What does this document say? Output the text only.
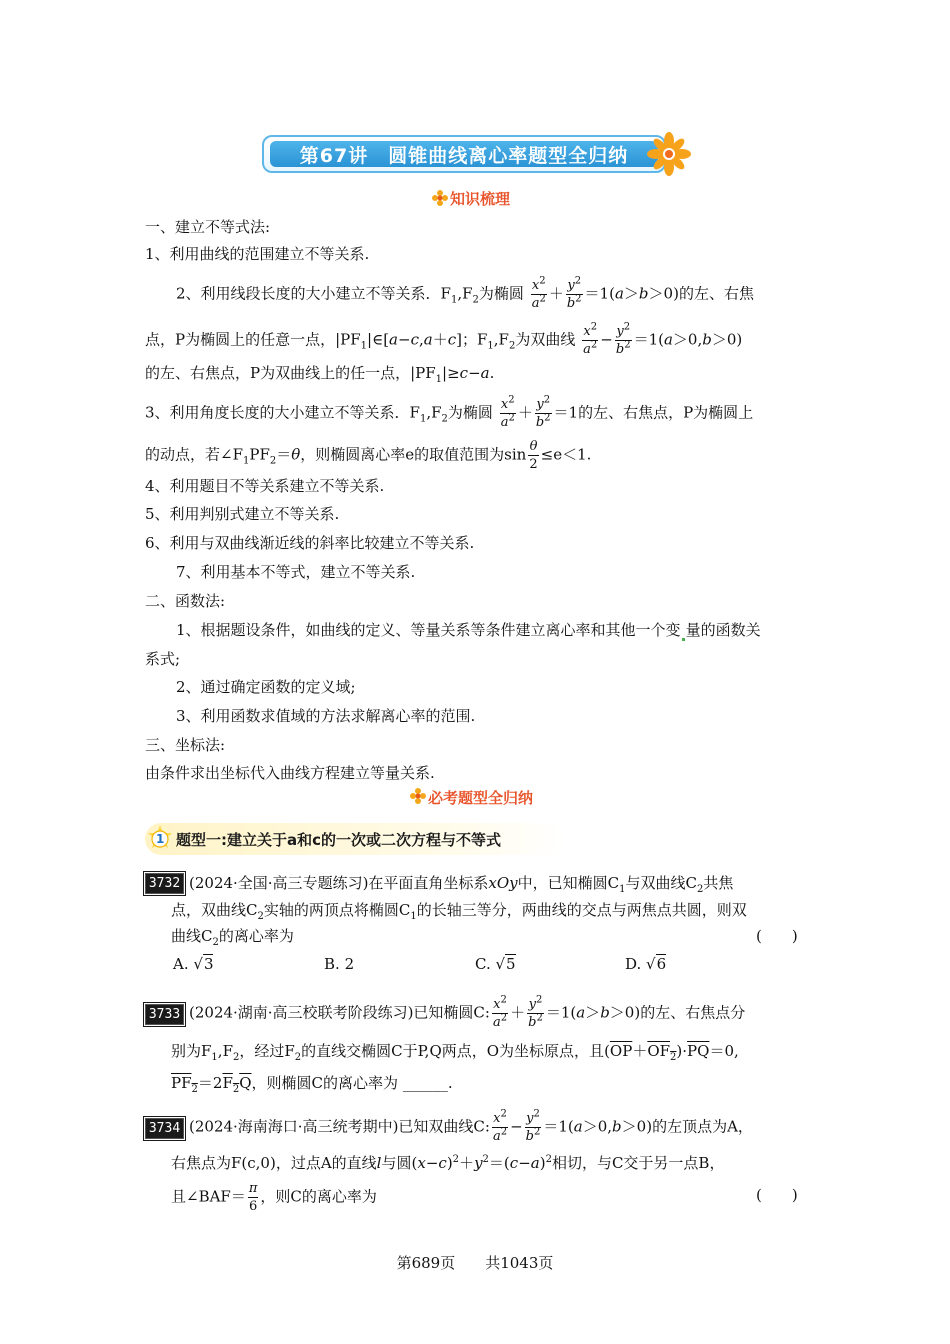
第67讲　圆锥曲线离心率题型全归纳
知识梳理
一、建立不等式法:
1、利用曲线的范围建立不等关系.
2、利用线段长度的大小建立不等关系．$F_1,F_2$为椭圆 $\frac{x^2}{a^2} + \frac{y^2}{b^2} =1(a>b>0)$的左、右焦
点，P为椭圆上的任意一点，$|PF_1|\in[a-c,a+c]$；$F_1,F_2$为双曲线 $\frac{x^2}{a^2} - \frac{y^2}{b^2} =1(a>0,b>0)$
的左、右焦点，P为双曲线上的任一点，$|PF_1|\ge c-a$.
3、利用角度长度的大小建立不等关系．$F_1,F_2$为椭圆 $\frac{x^2}{a^2} + \frac{y^2}{b^2} =1$的左、右焦点，P为椭圆上
的动点，若$\angle F_1PF_2=\theta$，则椭圆离心率e的取值范围为$\sin \frac{\theta}{2} \le e<1$.
4、利用题目不等关系建立不等关系.
5、利用判别式建立不等关系.
6、利用与双曲线渐近线的斜率比较建立不等关系.
7、利用基本不等式，建立不等关系.
二、函数法:
1、根据题设条件，如曲线的定义、等量关系等条件建立离心率和其他一个变 量的函数关
系式;
2、通过确定函数的定义域;
3、利用函数求值域的方法求解离心率的范围.
三、坐标法:
由条件求出坐标代入曲线方程建立等量关系.
必考题型全归纳
1 题型一:建立关于a和c的一次或二次方程与不等式
3732 (2024·全国·高三专题练习)在平面直角坐标系xOy中，已知椭圆$C_1$与双曲线$C_2$共焦
点，双曲线$C_2$实轴的两顶点将椭圆$C_1$的长轴三等分，两曲线的交点与两焦点共圆，则双
曲线$C_2$的离心率为	(　　)
A. √3	B. 2	C. √5	D. √6
3733 (2024·湖南·高三校联考阶段练习)已知椭圆C: $\frac{x^2}{a^2} + \frac{y^2}{b^2} =1(a>b>0)$的左、右焦点分
别为$F_1,F_2$，经过$F_2$的直线交椭圆C于P,Q两点，O为坐标原点，且$(\overline{OP}+OF_2)\cdot\overline{PQ}=0$,
$PF_2=2F_2Q$，则椭圆C的离心率为 ______.
3734 (2024·海南海口·高三统考期中)已知双曲线C: $\frac{x^2}{a^2} - \frac{y^2}{b^2} =1(a>0,b>0)$的左顶点为A，
右焦点为F(c,0)，过点A的直线l与圆$(x-c)^2+y^2=(c-a)^2$相切，与C交于另一点B，
且∠BAF＝ $\frac{\pi}{6}$ ，则C的离心率为	(　　)
第689页　　共1043页
